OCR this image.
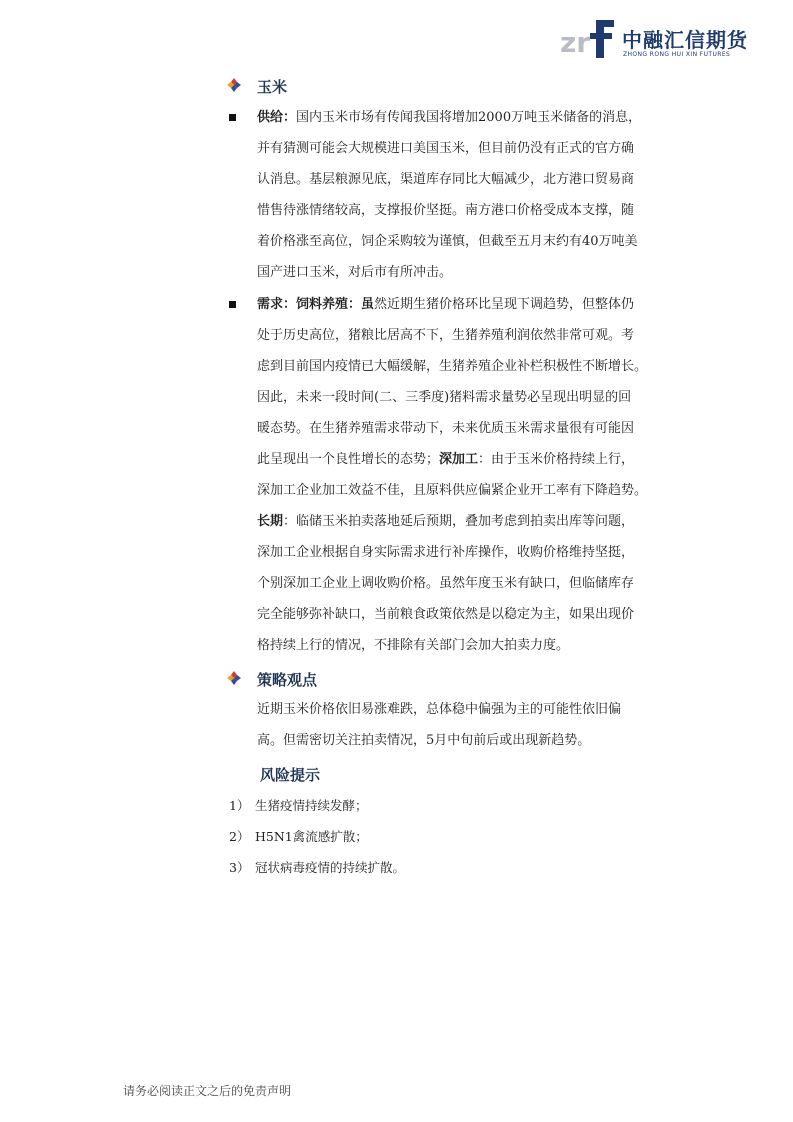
zr 中融汇信期货
ZHONG RONG HUI XIN FUTURES
玉米
供给：国内玉米市场有传闻我国将增加2000万吨玉米储备的消息，
并有猜测可能会大规模进口美国玉米，但目前仍没有正式的官方确
认消息。基层粮源见底，渠道库存同比大幅减少，北方港口贸易商
惜售待涨情绪较高，支撑报价坚挺。南方港口价格受成本支撑，随
着价格涨至高位，饲企采购较为谨慎，但截至五月末约有40万吨美
国产进口玉米，对后市有所冲击。
需求：饲料养殖：虽然近期生猪价格环比呈现下调趋势，但整体仍
处于历史高位，猪粮比居高不下，生猪养殖利润依然非常可观。考
虑到目前国内疫情已大幅缓解，生猪养殖企业补栏积极性不断增长。
因此，未来一段时间(二、三季度)猪料需求量势必呈现出明显的回
暖态势。在生猪养殖需求带动下，未来优质玉米需求量很有可能因
此呈现出一个良性增长的态势；深加工：由于玉米价格持续上行，
深加工企业加工效益不佳，且原料供应偏紧企业开工率有下降趋势。
长期：临储玉米拍卖落地延后预期，叠加考虑到拍卖出库等问题，
深加工企业根据自身实际需求进行补库操作，收购价格维持坚挺，
个别深加工企业上调收购价格。虽然年度玉米有缺口，但临储库存
完全能够弥补缺口，当前粮食政策依然是以稳定为主，如果出现价
格持续上行的情况，不排除有关部门会加大拍卖力度。
策略观点
近期玉米价格依旧易涨难跌，总体稳中偏强为主的可能性依旧偏
高。但需密切关注拍卖情况，5月中旬前后或出现新趋势。
风险提示
1） 生猪疫情持续发酵；
2） H5N1禽流感扩散；
3） 冠状病毒疫情的持续扩散。
请务必阅读正文之后的免责声明
